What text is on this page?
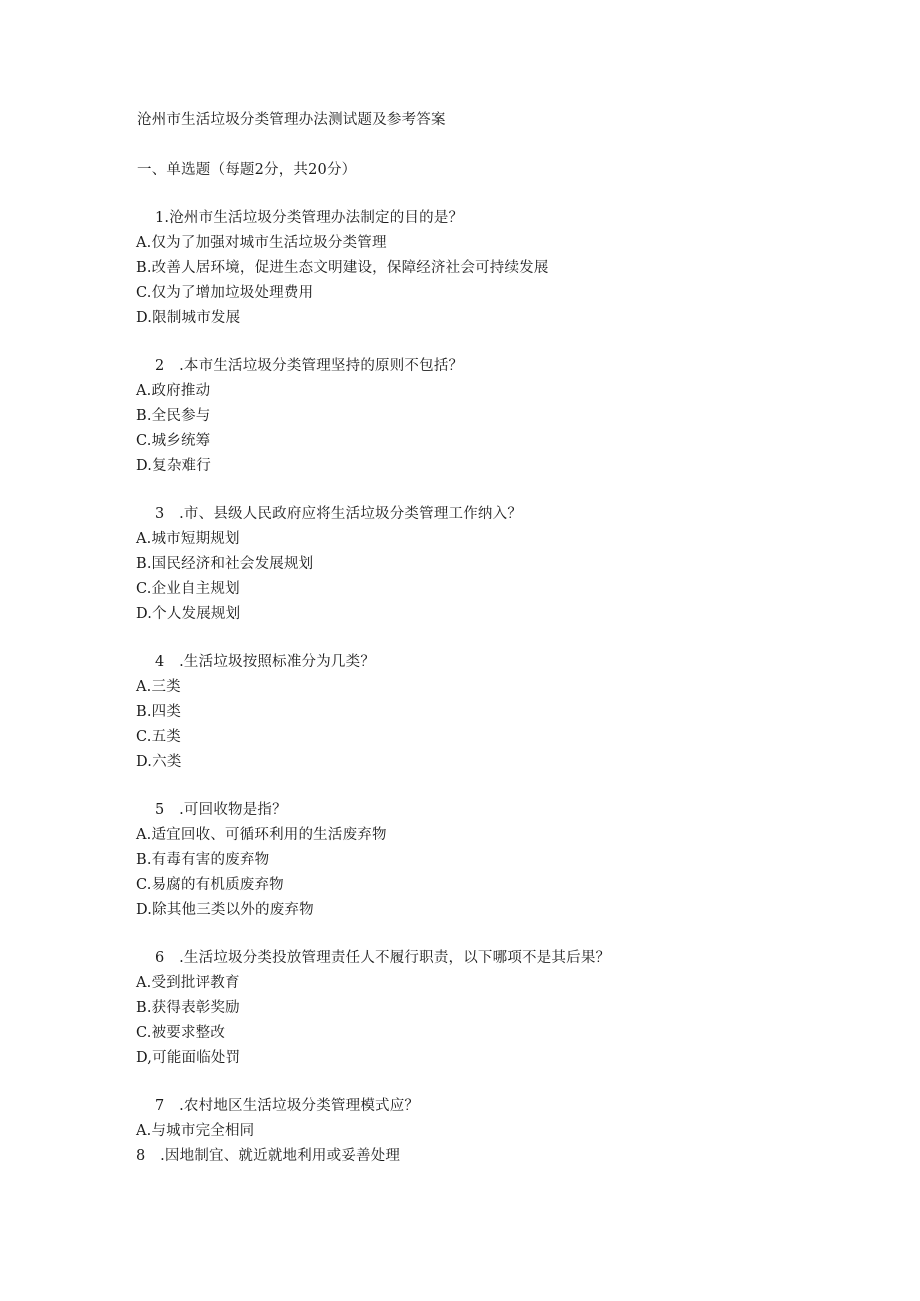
沧州市生活垃圾分类管理办法测试题及参考答案
一、单选题（每题2分，共20分）
1.沧州市生活垃圾分类管理办法制定的目的是？
A.仅为了加强对城市生活垃圾分类管理
B.改善人居环境，促进生态文明建设，保障经济社会可持续发展
C.仅为了增加垃圾处理费用
D.限制城市发展
2　.本市生活垃圾分类管理坚持的原则不包括？
A.政府推动
B.全民参与
C.城乡统筹
D.复杂难行
3　.市、县级人民政府应将生活垃圾分类管理工作纳入？
A.城市短期规划
B.国民经济和社会发展规划
C.企业自主规划
D.个人发展规划
4　.生活垃圾按照标准分为几类？
A.三类
B.四类
C.五类
D.六类
5　.可回收物是指？
A.适宜回收、可循环利用的生活废弃物
B.有毒有害的废弃物
C.易腐的有机质废弃物
D.除其他三类以外的废弃物
6　.生活垃圾分类投放管理责任人不履行职责，以下哪项不是其后果？
A.受到批评教育
B.获得表彰奖励
C.被要求整改
D,可能面临处罚
7　.农村地区生活垃圾分类管理模式应？
A.与城市完全相同
8　.因地制宜、就近就地利用或妥善处理
